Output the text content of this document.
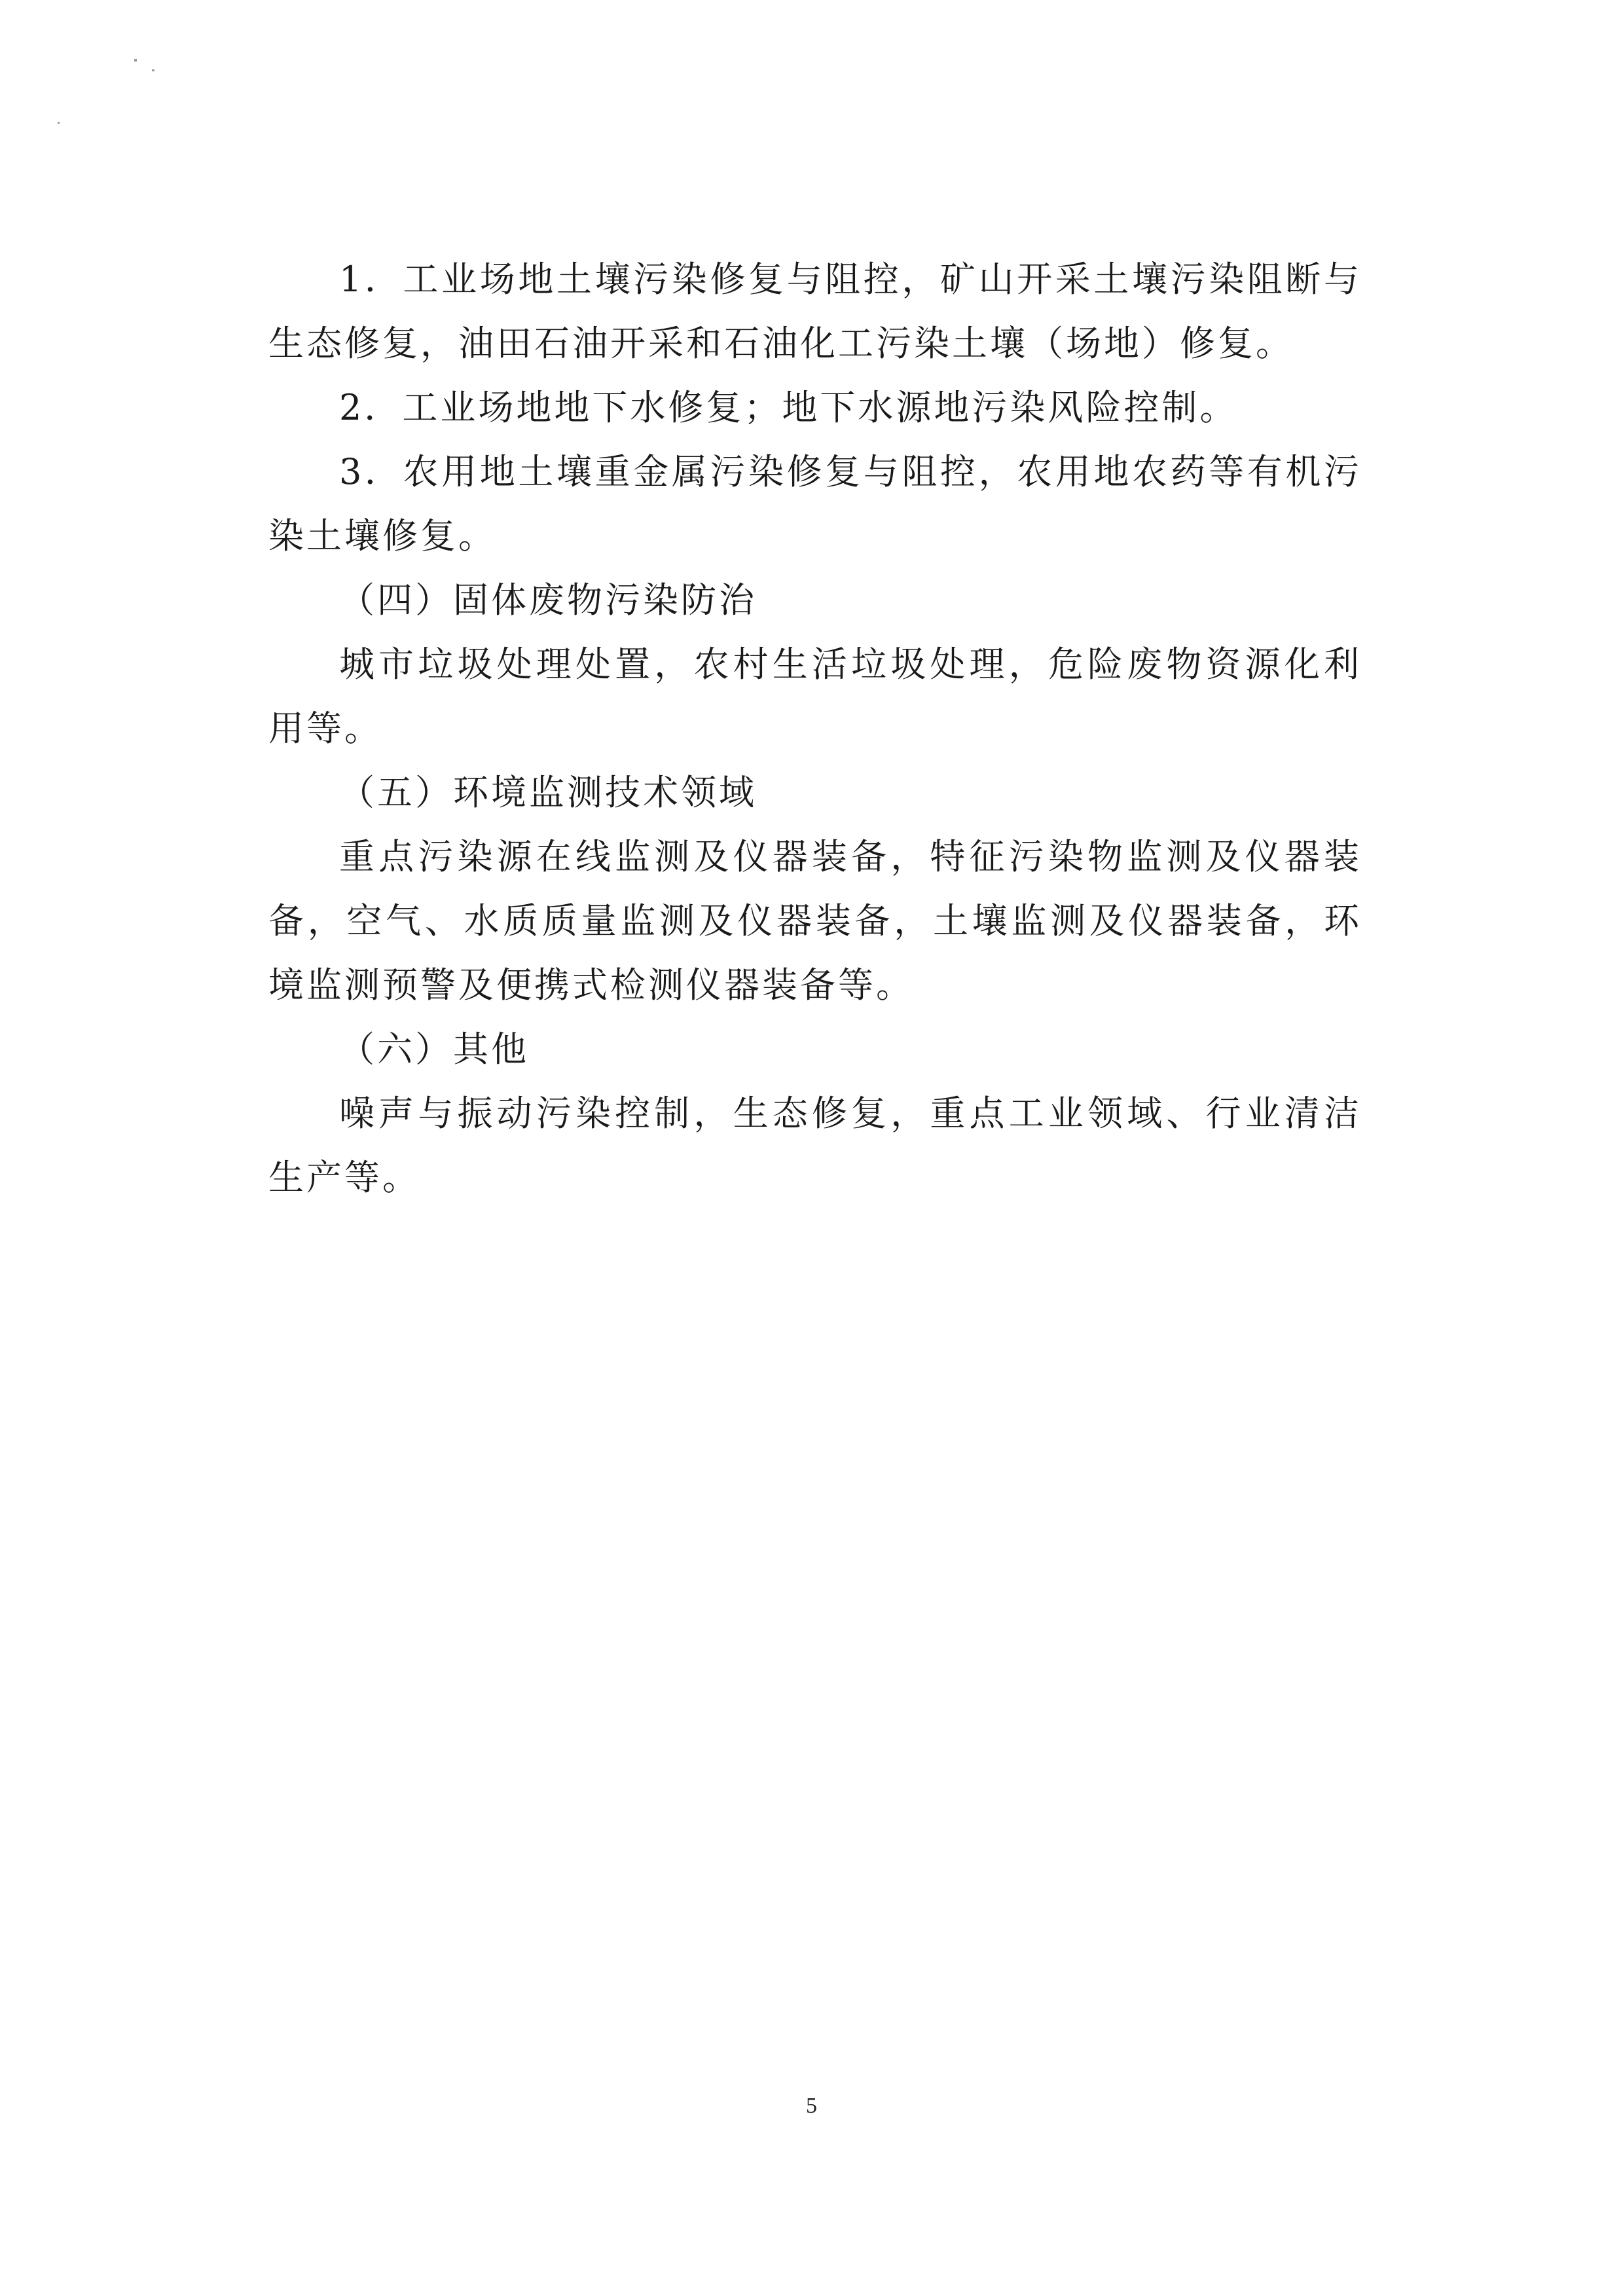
1．工业场地土壤污染修复与阻控，矿山开采土壤污染阻断与生态修复，油田石油开采和石油化工污染土壤（场地）修复。

2．工业场地地下水修复；地下水源地污染风险控制。

3．农用地土壤重金属污染修复与阻控，农用地农药等有机污染土壤修复。

（四）固体废物污染防治

城市垃圾处理处置，农村生活垃圾处理，危险废物资源化利用等。

（五）环境监测技术领域

重点污染源在线监测及仪器装备，特征污染物监测及仪器装备，空气、水质质量监测及仪器装备，土壤监测及仪器装备，环境监测预警及便携式检测仪器装备等。

（六）其他

噪声与振动污染控制，生态修复，重点工业领域、行业清洁生产等。

5
